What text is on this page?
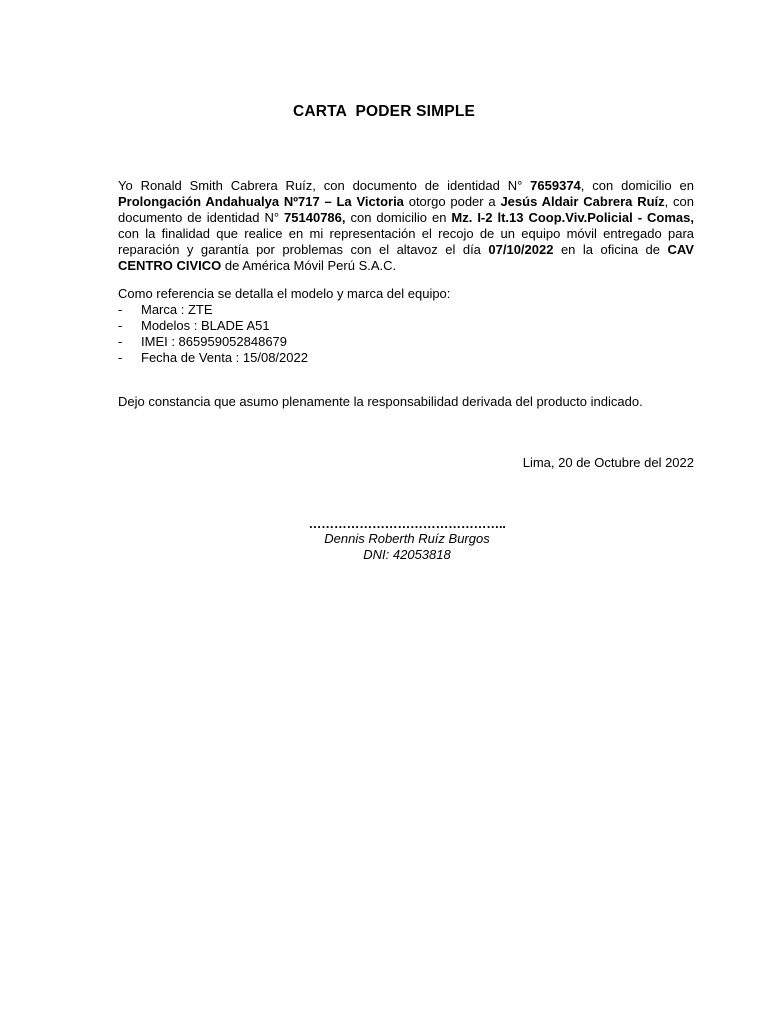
CARTA  PODER SIMPLE
Yo Ronald Smith Cabrera Ruíz, con documento de identidad N° 7659374, con domicilio en Prolongación Andahualya Nº717 – La Victoria otorgo poder a Jesús Aldair Cabrera Ruíz, con documento de identidad N° 75140786, con domicilio en Mz. I-2 lt.13 Coop.Viv.Policial - Comas, con la finalidad que realice en mi representación el recojo de un equipo móvil entregado para reparación y garantía por problemas con el altavoz el día 07/10/2022 en la oficina de CAV CENTRO CIVICO de América Móvil Perú S.A.C.
Como referencia se detalla el modelo y marca del equipo:
- Marca : ZTE
- Modelos : BLADE A51
- IMEI : 865959052848679
- Fecha de Venta : 15/08/2022
Dejo constancia que asumo plenamente la responsabilidad derivada del producto indicado.
Lima, 20 de Octubre del 2022
………………………………………..
Dennis Roberth Ruíz Burgos
DNI: 42053818
